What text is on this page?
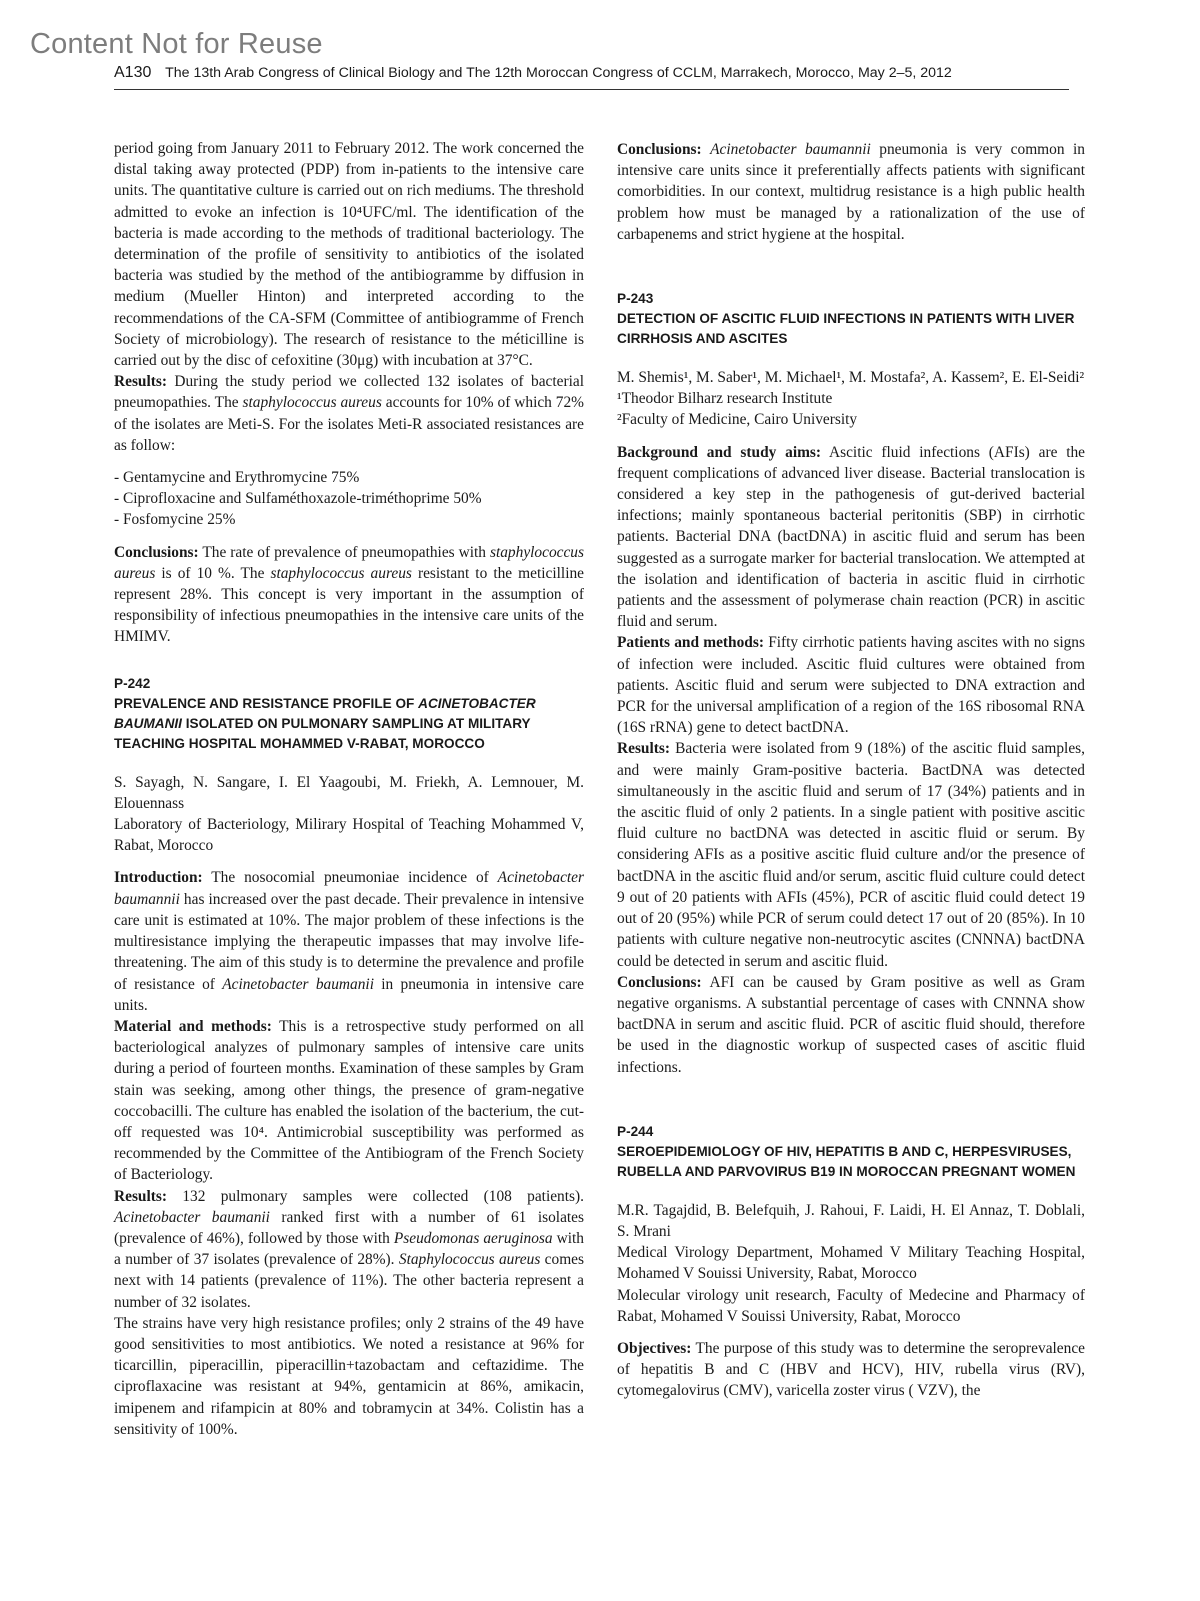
Content Not for Reuse
A130 The 13th Arab Congress of Clinical Biology and The 12th Moroccan Congress of CCLM, Marrakech, Morocco, May 2–5, 2012

period going from January 2011 to February 2012. The work concerned the distal taking away protected (PDP) from in-patients to the intensive care units. The quantitative culture is carried out on rich mediums. The threshold admitted to evoke an infection is 10⁴UFC/ml. The identification of the bacteria is made according to the methods of traditional bacteriology. The determination of the profile of sensitivity to antibiotics of the isolated bacteria was studied by the method of the antibiogramme by diffusion in medium (Mueller Hinton) and interpreted according to the recommendations of the CA-SFM (Committee of antibiogramme of French Society of microbiology). The research of resistance to the méticilline is carried out by the disc of cefoxitine (30μg) with incubation at 37°C.

Results: During the study period we collected 132 isolates of bacterial pneumopathies. The staphylococcus aureus accounts for 10% of which 72% of the isolates are Meti-S. For the isolates Meti-R associated resistances are as follow:

- Gentamycine and Erythromycine 75%
- Ciprofloxacine and Sulfaméthoxazole-triméthoprime 50%
- Fosfomycine 25%

Conclusions: The rate of prevalence of pneumopathies with staphylococcus aureus is of 10 %. The staphylococcus aureus resistant to the meticilline represent 28%. This concept is very important in the assumption of responsibility of infectious pneumopathies in the intensive care units of the HMIMV.

P-242
PREVALENCE AND RESISTANCE PROFILE OF ACINETOBACTER BAUMANII ISOLATED ON PULMONARY SAMPLING AT MILITARY TEACHING HOSPITAL MOHAMMED V-RABAT, MOROCCO

S. Sayagh, N. Sangare, I. El Yaagoubi, M. Friekh, A. Lemnouer, M. Elouennass

Laboratory of Bacteriology, Milirary Hospital of Teaching Mohammed V, Rabat, Morocco

Introduction: The nosocomial pneumoniae incidence of Acinetobacter baumannii has increased over the past decade. Their prevalence in intensive care unit is estimated at 10%. The major problem of these infections is the multiresistance implying the therapeutic impasses that may involve life-threatening. The aim of this study is to determine the prevalence and profile of resistance of Acinetobacter baumanii in pneumonia in intensive care units.

Material and methods: This is a retrospective study performed on all bacteriological analyzes of pulmonary samples of intensive care units during a period of fourteen months. Examination of these samples by Gram stain was seeking, among other things, the presence of gram-negative coccobacilli. The culture has enabled the isolation of the bacterium, the cut-off requested was 10⁴. Antimicrobial susceptibility was performed as recommended by the Committee of the Antibiogram of the French Society of Bacteriology.

Results: 132 pulmonary samples were collected (108 patients). Acinetobacter baumanii ranked first with a number of 61 isolates (prevalence of 46%), followed by those with Pseudomonas aeruginosa with a number of 37 isolates (prevalence of 28%). Staphylococcus aureus comes next with 14 patients (prevalence of 11%). The other bacteria represent a number of 32 isolates.

The strains have very high resistance profiles; only 2 strains of the 49 have good sensitivities to most antibiotics. We noted a resistance at 96% for ticarcillin, piperacillin, piperacillin+tazobactam and ceftazidime. The ciproflaxacine was resistant at 94%, gentamicin at 86%, amikacin, imipenem and rifampicin at 80% and tobramycin at 34%. Colistin has a sensitivity of 100%.

Conclusions: Acinetobacter baumannii pneumonia is very common in intensive care units since it preferentially affects patients with significant comorbidities. In our context, multidrug resistance is a high public health problem how must be managed by a rationalization of the use of carbapenems and strict hygiene at the hospital.

P-243
DETECTION OF ASCITIC FLUID INFECTIONS IN PATIENTS WITH LIVER CIRRHOSIS AND ASCITES

M. Shemis¹, M. Saber¹, M. Michael¹, M. Mostafa², A. Kassem², E. El-Seidi²

¹Theodor Bilharz research Institute

²Faculty of Medicine, Cairo University

Background and study aims: Ascitic fluid infections (AFIs) are the frequent complications of advanced liver disease. Bacterial translocation is considered a key step in the pathogenesis of gut-derived bacterial infections; mainly spontaneous bacterial peritonitis (SBP) in cirrhotic patients. Bacterial DNA (bactDNA) in ascitic fluid and serum has been suggested as a surrogate marker for bacterial translocation. We attempted at the isolation and identification of bacteria in ascitic fluid in cirrhotic patients and the assessment of polymerase chain reaction (PCR) in ascitic fluid and serum.

Patients and methods: Fifty cirrhotic patients having ascites with no signs of infection were included. Ascitic fluid cultures were obtained from patients. Ascitic fluid and serum were subjected to DNA extraction and PCR for the universal amplification of a region of the 16S ribosomal RNA (16S rRNA) gene to detect bactDNA.

Results: Bacteria were isolated from 9 (18%) of the ascitic fluid samples, and were mainly Gram-positive bacteria. BactDNA was detected simultaneously in the ascitic fluid and serum of 17 (34%) patients and in the ascitic fluid of only 2 patients. In a single patient with positive ascitic fluid culture no bactDNA was detected in ascitic fluid or serum. By considering AFIs as a positive ascitic fluid culture and/or the presence of bactDNA in the ascitic fluid and/or serum, ascitic fluid culture could detect 9 out of 20 patients with AFIs (45%), PCR of ascitic fluid could detect 19 out of 20 (95%) while PCR of serum could detect 17 out of 20 (85%). In 10 patients with culture negative non-neutrocytic ascites (CNNNA) bactDNA could be detected in serum and ascitic fluid.

Conclusions: AFI can be caused by Gram positive as well as Gram negative organisms. A substantial percentage of cases with CNNNA show bactDNA in serum and ascitic fluid. PCR of ascitic fluid should, therefore be used in the diagnostic workup of suspected cases of ascitic fluid infections.

P-244
SEROEPIDEMIOLOGY OF HIV, HEPATITIS B AND C, HERPESVIRUSES, RUBELLA AND PARVOVIRUS B19 IN MOROCCAN PREGNANT WOMEN

M.R. Tagajdid, B. Belefquih, J. Rahoui, F. Laidi, H. El Annaz, T. Doblali, S. Mrani

Medical Virology Department, Mohamed V Military Teaching Hospital, Mohamed V Souissi University, Rabat, Morocco

Molecular virology unit research, Faculty of Medecine and Pharmacy of Rabat, Mohamed V Souissi University, Rabat, Morocco

Objectives: The purpose of this study was to determine the seroprevalence of hepatitis B and C (HBV and HCV), HIV, rubella virus (RV), cytomegalovirus (CMV), varicella zoster virus ( VZV), the
